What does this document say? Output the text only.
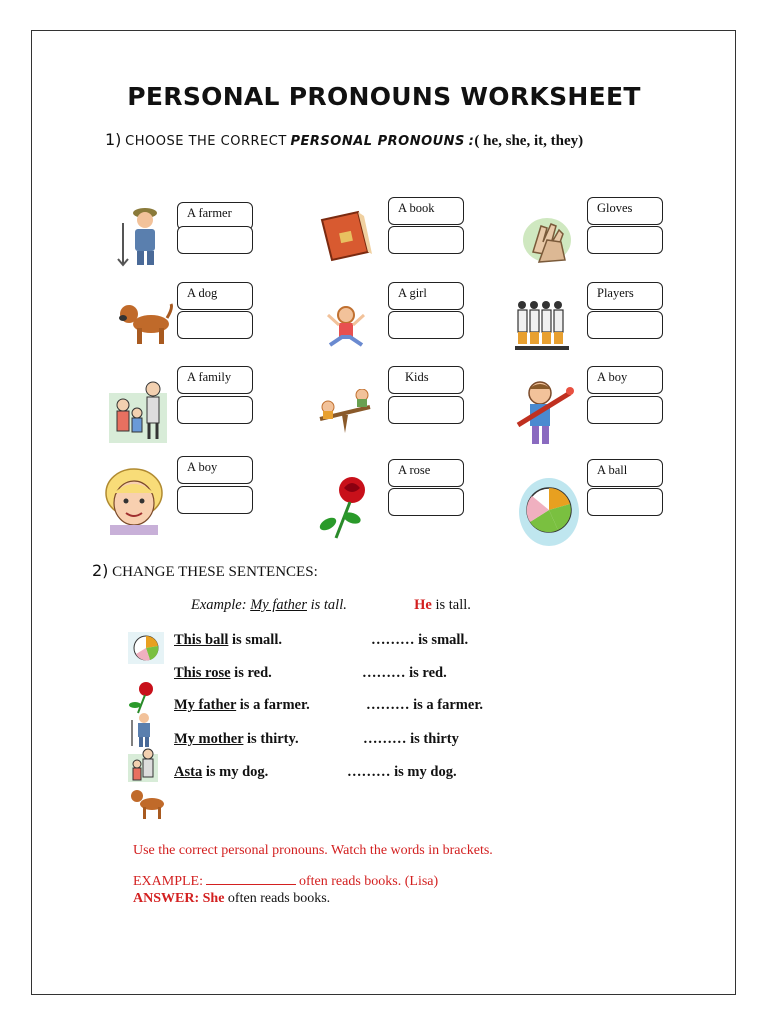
PERSONAL PRONOUNS WORKSHEET
1) CHOOSE THE CORRECT PERSONAL PRONOUNS :( he, she, it, they)
A farmer	A book	Gloves
A dog	A girl	Players
A family	Kids	A boy
A boy	A rose	A ball
2) CHANGE THESE SENTENCES:
Example: My father is tall.	He is tall.
This ball is small.	……… is small.
This rose is red.	……… is red.
My father is a farmer.	……… is a farmer.
My mother is thirty.	……… is thirty
Asta is my dog.	……… is my dog.
Use the correct personal pronouns. Watch the words in brackets.
EXAMPLE:	often reads books. (Lisa)
ANSWER: She often reads books.
